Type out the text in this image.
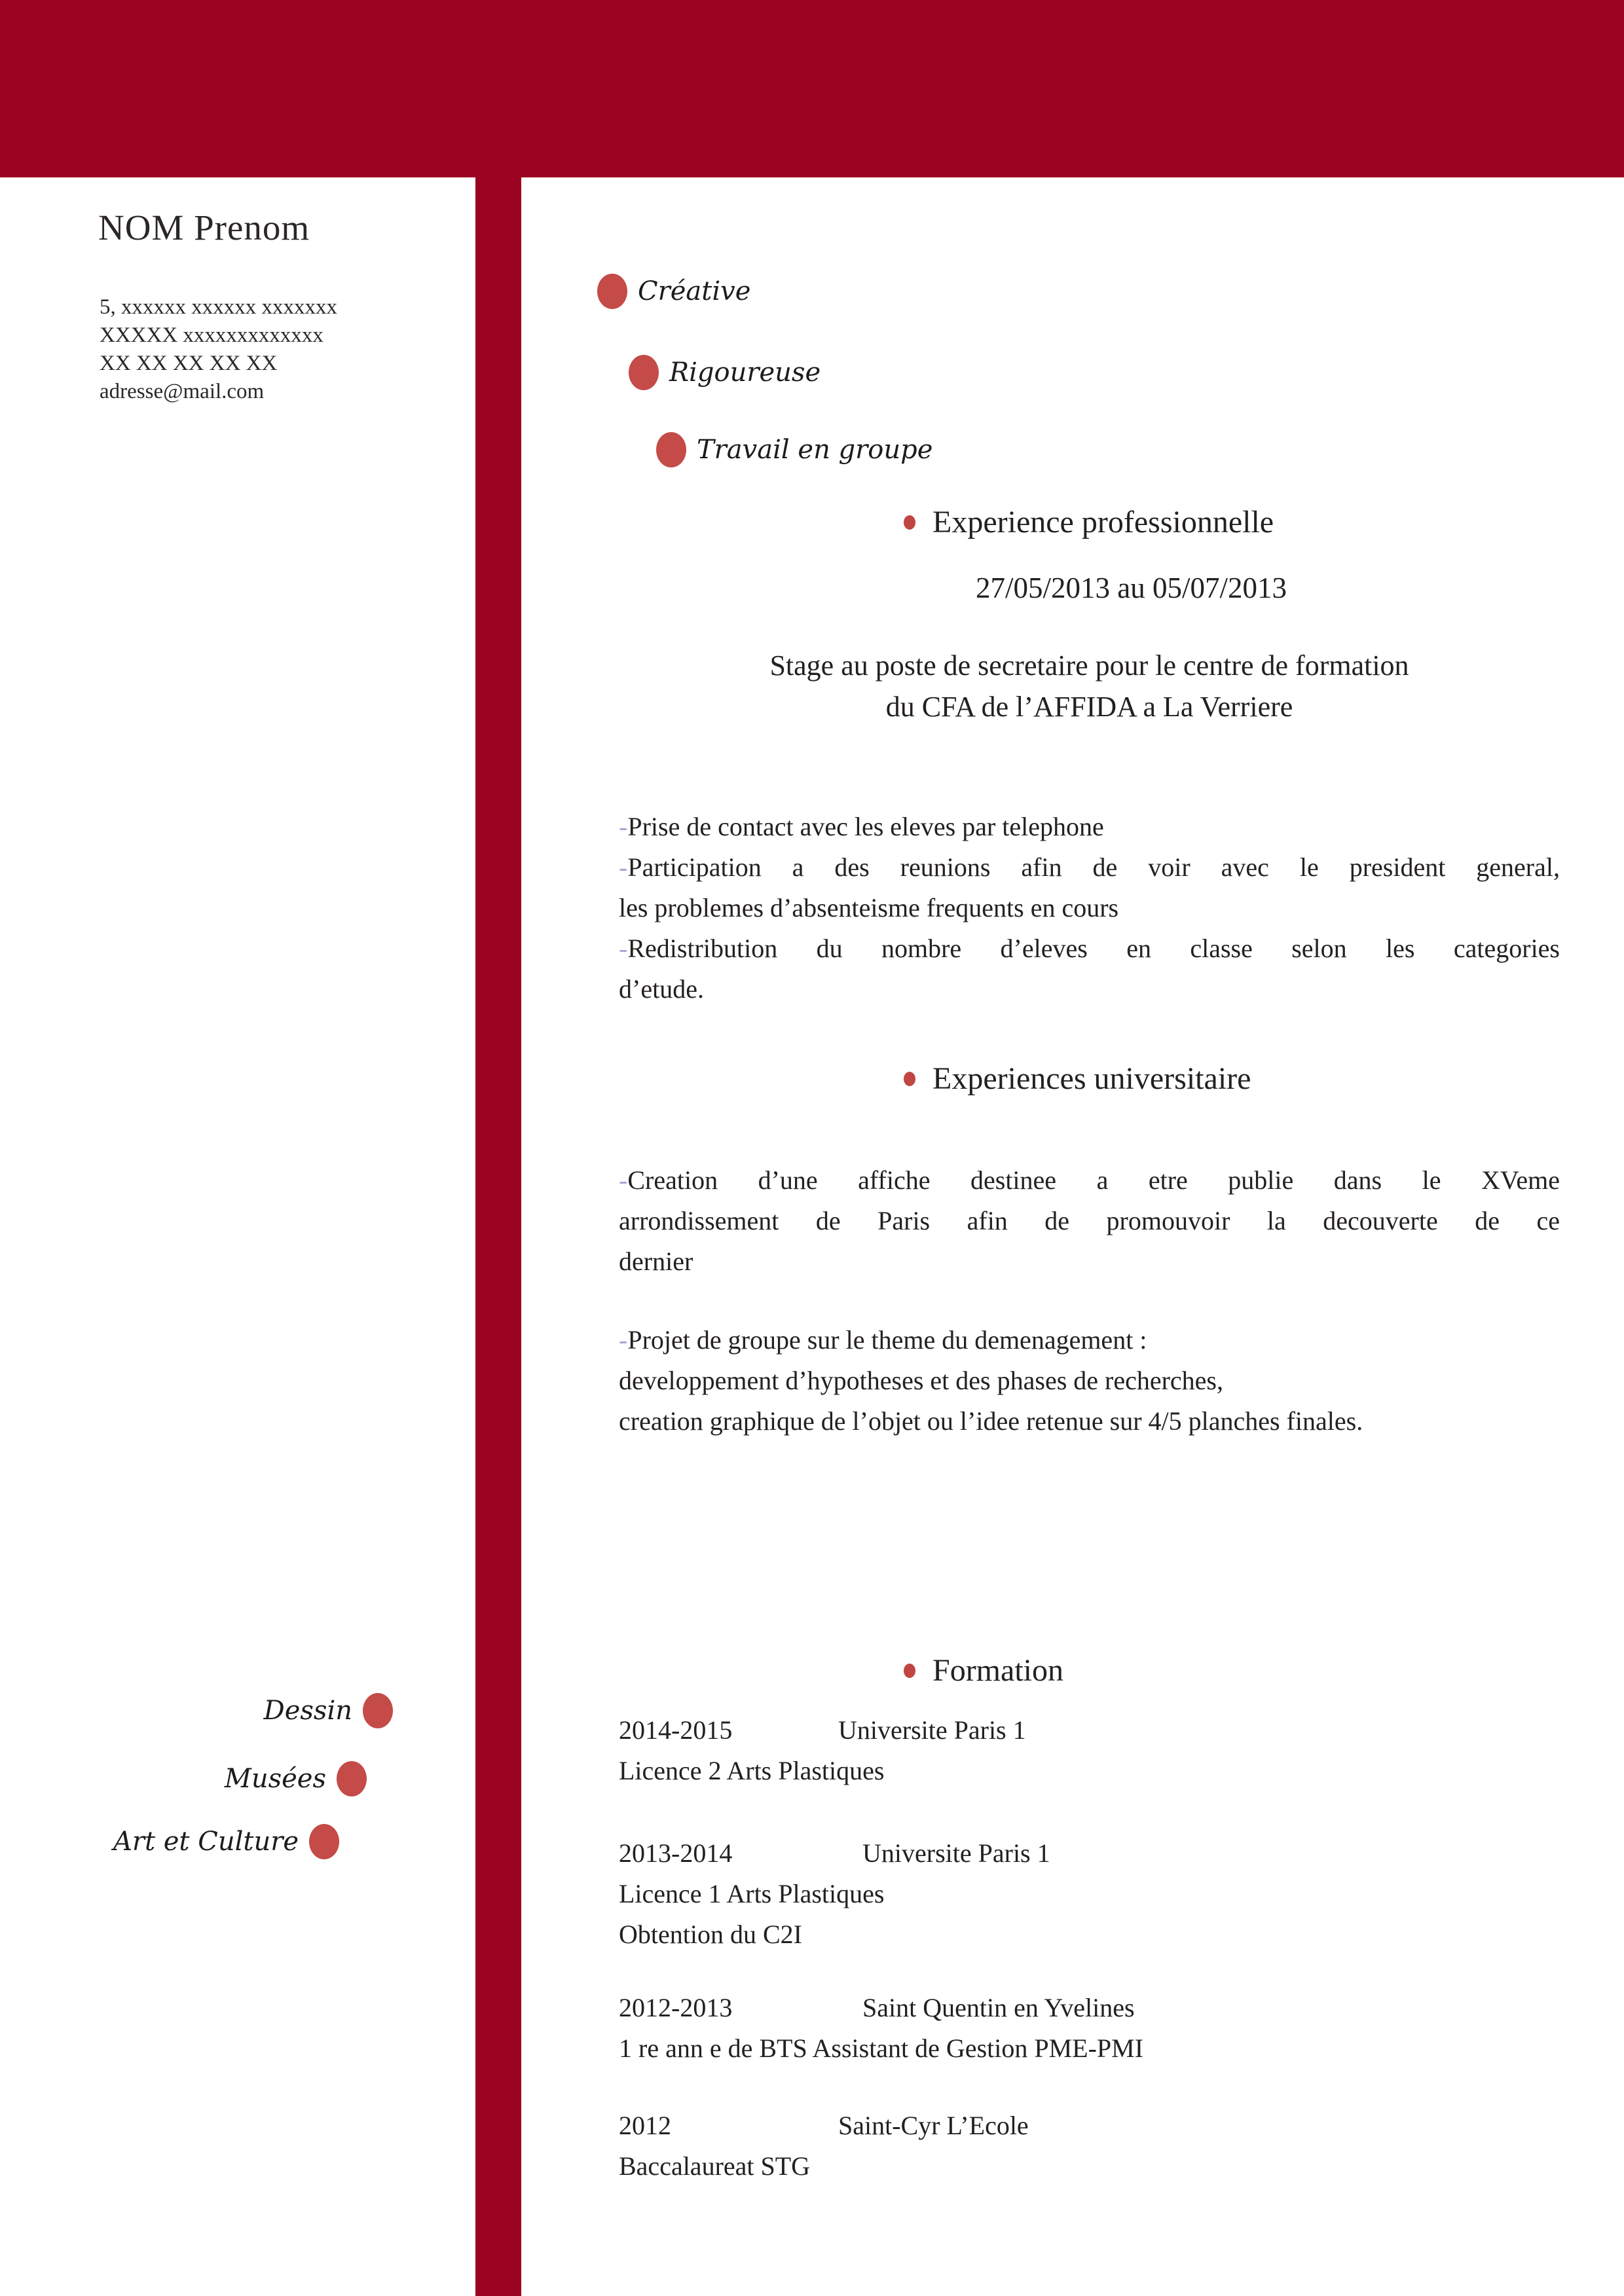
NOM Prenom
5, xxxxxx xxxxxx xxxxxxx
XXXXX xxxxxxxxxxxxx
XX XX XX XX XX
adresse@mail.com
Créative
Rigoureuse
Travail en groupe
Experience professionnelle
27/05/2013 au 05/07/2013
Stage au poste de secretaire pour le centre de formation
du CFA de l’AFFIDA a La Verriere
-Prise de contact avec les eleves par telephone
-Participation a des reunions afin de voir avec le president general,
les problemes d’absenteisme frequents en cours
-Redistribution du nombre d’eleves en classe selon les categories
d’etude.
Experiences universitaire
-Creation d’une affiche destinee a etre publie dans le XVeme
arrondissement de Paris afin de promouvoir la decouverte de ce
dernier
-Projet de groupe sur le theme du demenagement :
developpement d’hypotheses et des phases de recherches,
creation graphique de l’objet ou l’idee retenue sur 4/5 planches finales.
Formation
2014-2015	Universite Paris 1
Licence 2 Arts Plastiques
2013-2014	Universite Paris 1
Licence 1 Arts Plastiques
Obtention du C2I
2012-2013	Saint Quentin en Yvelines
1 re ann e de BTS Assistant de Gestion PME-PMI
2012	Saint-Cyr L’Ecole
Baccalaureat STG
Dessin
Musées
Art et Culture
